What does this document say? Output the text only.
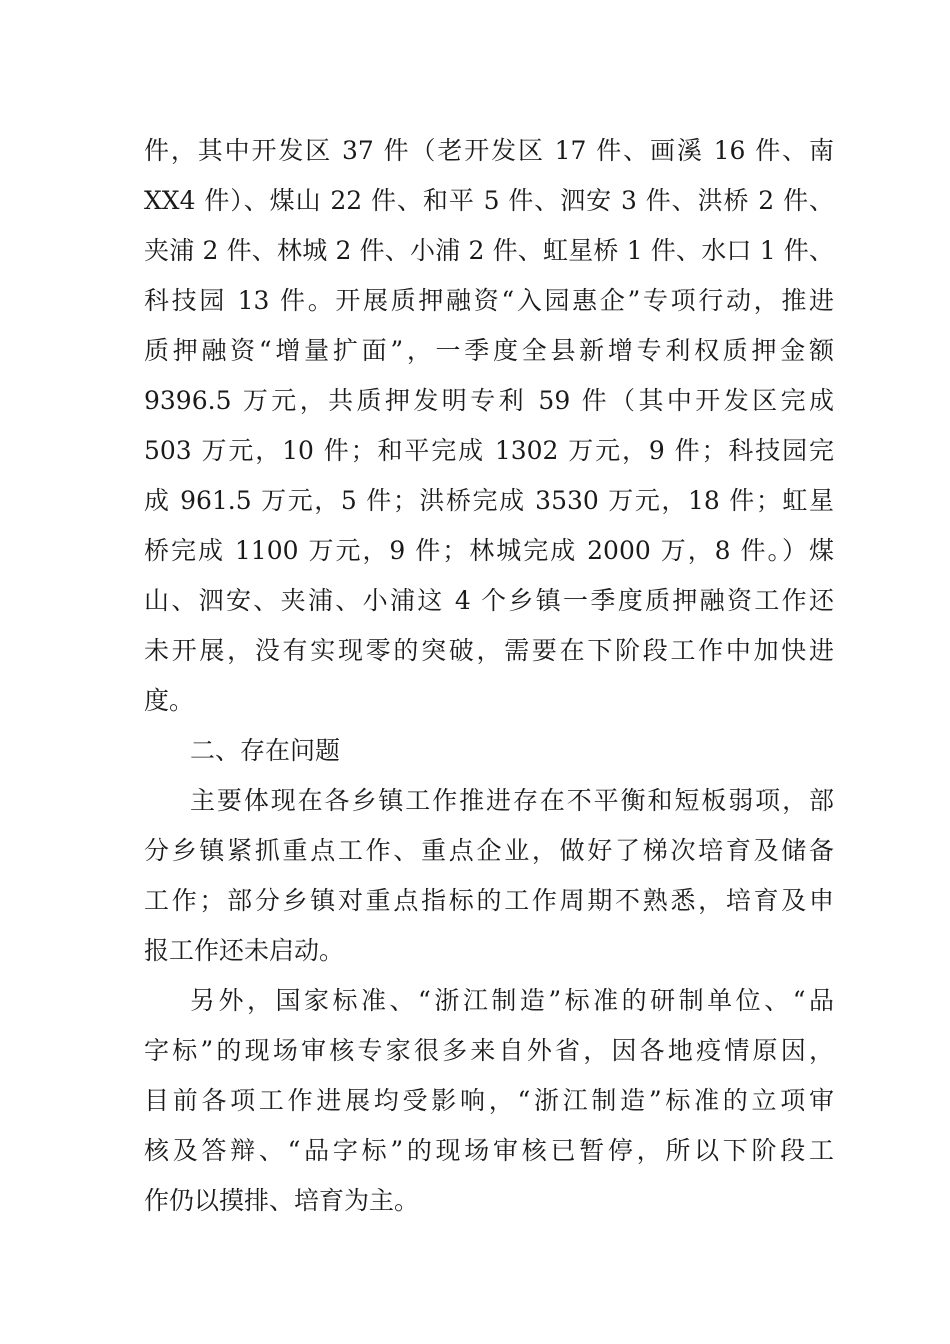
件，其中开发区 37 件（老开发区 17 件、画溪 16 件、南
XX4 件）、煤山 22 件、和平 5 件、泗安 3 件、洪桥 2 件、
夹浦 2 件、林城 2 件、小浦 2 件、虹星桥 1 件、水口 1 件、
科技园 13 件。开展质押融资“入园惠企”专项行动，推进
质押融资“增量扩面”，一季度全县新增专利权质押金额
9396.5 万元，共质押发明专利 59 件（其中开发区完成
503 万元，10 件；和平完成 1302 万元，9 件；科技园完
成 961.5 万元，5 件；洪桥完成 3530 万元，18 件；虹星
桥完成 1100 万元，9 件；林城完成 2000 万，8 件。）煤
山、泗安、夹浦、小浦这 4 个乡镇一季度质押融资工作还
未开展，没有实现零的突破，需要在下阶段工作中加快进
度。
二、存在问题
主要体现在各乡镇工作推进存在不平衡和短板弱项，部
分乡镇紧抓重点工作、重点企业，做好了梯次培育及储备
工作；部分乡镇对重点指标的工作周期不熟悉，培育及申
报工作还未启动。
另外，国家标准、“浙江制造”标准的研制单位、“品
字标”的现场审核专家很多来自外省，因各地疫情原因，
目前各项工作进展均受影响，“浙江制造”标准的立项审
核及答辩、“品字标”的现场审核已暂停，所以下阶段工
作仍以摸排、培育为主。
